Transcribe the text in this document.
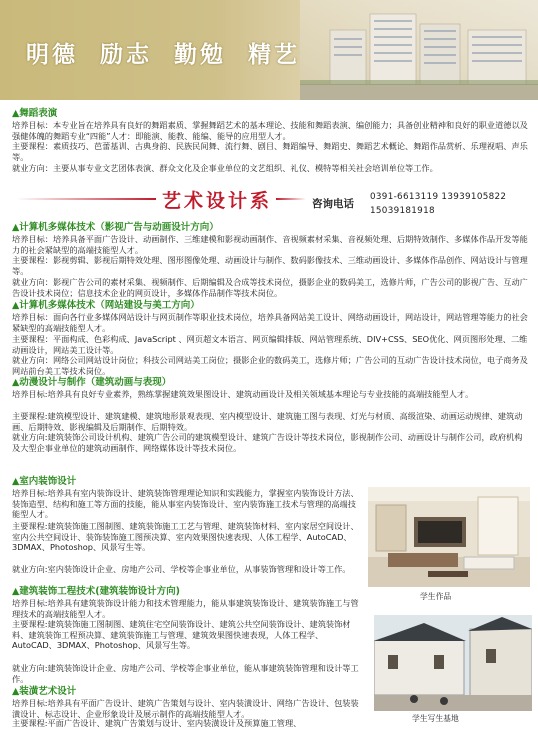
明德  励志  勤勉  精艺
▲舞蹈表演
培养目标：本专业旨在培养具有良好的舞蹈素质、掌握舞蹈艺术的基本理论、技能和舞蹈表演、编创能力；具备创业精神和良好的职业道德以及强健体魄的舞蹈专业“四能”人才：即能演、能教、能编、能导的应用型人才。
主要课程：素质技巧、芭蕾基训、古典身韵、民族民间舞、流行舞、剧目、舞蹈编导、舞蹈史、舞蹈艺术概论、舞蹈作品赏析、乐理视唱、声乐等。
就业方向：主要从事专业文艺团体表演、群众文化及企事业单位的文艺组织、礼仪、模特等相关社会培训单位等工作。
▲计算机多媒体技术（影视广告与动画设计方向）
培养目标：培养具备平面广告设计、动画制作、三维建模和影视动画制作、音视频素材采集、音视频处理、后期特效制作、多媒体作品开发等能力的社会紧缺型的高端技能型人才。
主要课程：影视剪辑、影视后期特效处理、图形图像处理、动画设计与制作、数码影像技术、三维动画设计、多媒体作品创作、网站设计与管理等。
就业方向：影视广告公司的素材采集、视频制作、后期编辑及合成等技术岗位，摄影企业的数码美工，选修片师，广告公司的影视广告、互动广告设计技术岗位；信息技术企业的网页设计，多媒体作品制作等技术岗位。
▲计算机多媒体技术（网站建设与美工方向）
培养目标：面向各行业多媒体网站设计与网页制作等职业技术岗位，培养具备网站美工设计、网络动画设计，网站设计，网站管理等能力的社会紧缺型的高端技能型人才。
主要课程：平面构成、色彩构成、JavaScript 、网页超文本语言、网页编辑排版、网站管理系统、DIV+CSS、SEO优化、网页图形处理、二维动画设计，网站美工设计等。
就业方向：网络公司网站设计岗位；科技公司网站美工岗位；摄影企业的数码美工，选修片师；广告公司的互动广告设计技术岗位，电子商务及网站前台美工等技术岗位。
▲动漫设计与制作（建筑动画与表现）
培养目标:培养具有良好专业素养，熟练掌握建筑效果图设计、建筑动画设计及相关领域基本理论与专业技能的高端技能型人才。
主要课程:建筑模型设计、建筑建模、建筑地形景观表现、室内模型设计、建筑施工图与表现、灯光与材质、高级渲染、动画运动规律、建筑动画、后期特效、影视编辑及后期制作、后期特效。
就业方向:建筑装饰公司设计机构、建筑广告公司的建筑模型设计、建筑广告设计等技术岗位，影视制作公司、动画设计与制作公司，政府机构及大型企事业单位的建筑动画制作、网络媒体设计等技术岗位。
▲室内装饰设计
培养目标:培养具有室内装饰设计、建筑装饰管理理论知识和实践能力，掌握室内装饰设计方法、装饰造型、结构和施工等方面的技能，能从事室内装饰设计、室内装饰施工技术与管理的高端技能型人才。
主要课程:建筑装饰施工图制图、建筑装饰施工工艺与管理、建筑装饰材料、室内家居空间设计、室内公共空间设计、装饰装饰施工图预决算、室内效果图快速表现、人体工程学、AutoCAD、3DMAX、Photoshop、风景写生等。
就业方向:室内装饰设计企业、房地产公司、学校等企事业单位，从事装饰管理和设计等工作。
▲建筑装饰工程技术(建筑装饰设计方向)
培养目标:培养具有建筑装饰设计能力和技术管理能力，能从事建筑装饰设计、建筑装饰施工与管理技术的高端技能型人才。
主要课程:建筑装饰施工图制图、建筑住宅空间装饰设计、建筑公共空间装饰设计、建筑装饰材料、建筑装饰工程预决算、建筑装饰施工与管理、建筑效果图快速表现，人体工程学、AutoCAD、3DMAX、Photoshop、风景写生等。
就业方向:建筑装饰设计企业、房地产公司、学校等企事业单位，能从事建筑装饰管理和设计等工作。
▲装潢艺术设计
培养目标:培养具有平面广告设计、建筑广告策划与设计、室内装潢设计、网络广告设计、包装装潢设计、标志设计、企业形象设计及展示制作的高端技能型人才。
主要课程:平面广告设计、建筑广告策划与设计、室内装潢设计及预算施工管理、
艺术设计系	咨询电话
0391-6613119 13939105822
15039181918
学生作品
学生写生基地
